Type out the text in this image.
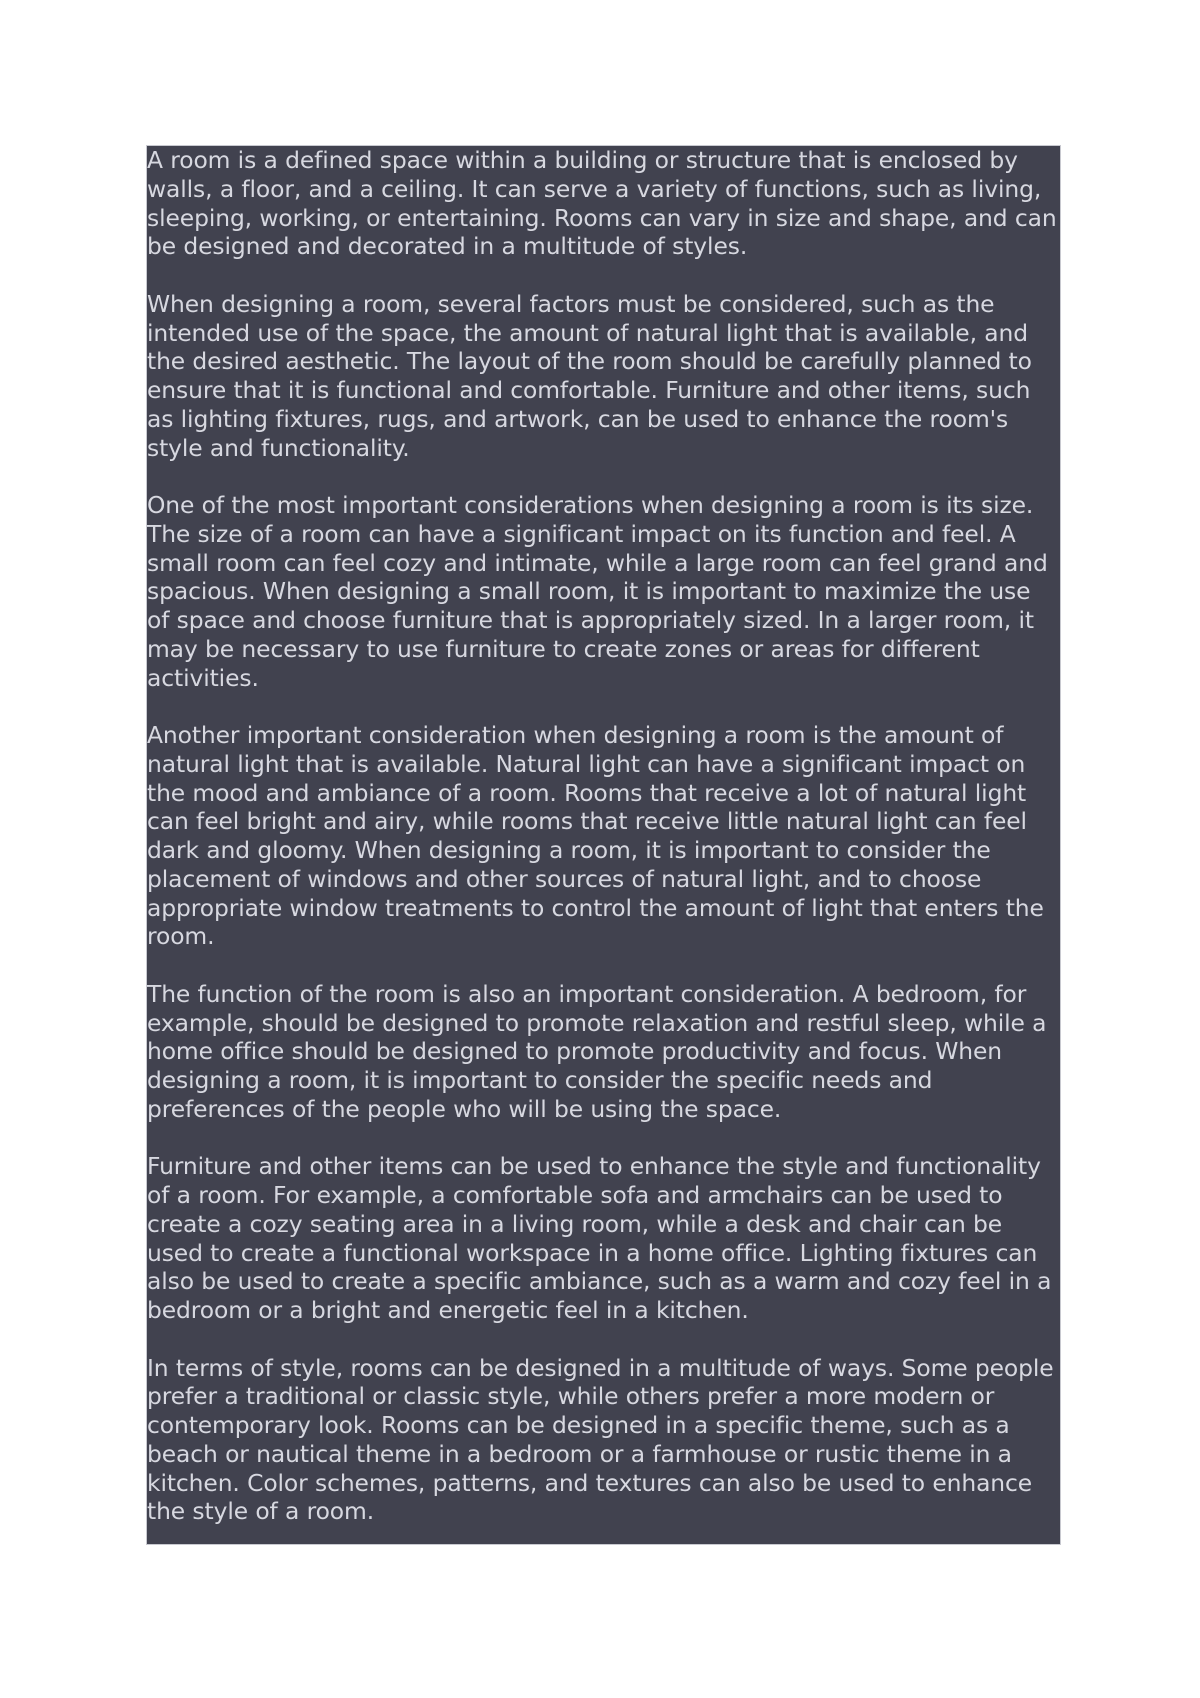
A room is a defined space within a building or structure that is enclosed by walls, a floor, and a ceiling. It can serve a variety of functions, such as living, sleeping, working, or entertaining. Rooms can vary in size and shape, and can be designed and decorated in a multitude of styles.

When designing a room, several factors must be considered, such as the intended use of the space, the amount of natural light that is available, and the desired aesthetic. The layout of the room should be carefully planned to ensure that it is functional and comfortable. Furniture and other items, such as lighting fixtures, rugs, and artwork, can be used to enhance the room's style and functionality.

One of the most important considerations when designing a room is its size. The size of a room can have a significant impact on its function and feel. A small room can feel cozy and intimate, while a large room can feel grand and spacious. When designing a small room, it is important to maximize the use of space and choose furniture that is appropriately sized. In a larger room, it may be necessary to use furniture to create zones or areas for different activities.

Another important consideration when designing a room is the amount of natural light that is available. Natural light can have a significant impact on the mood and ambiance of a room. Rooms that receive a lot of natural light can feel bright and airy, while rooms that receive little natural light can feel dark and gloomy. When designing a room, it is important to consider the placement of windows and other sources of natural light, and to choose appropriate window treatments to control the amount of light that enters the room.

The function of the room is also an important consideration. A bedroom, for example, should be designed to promote relaxation and restful sleep, while a home office should be designed to promote productivity and focus. When designing a room, it is important to consider the specific needs and preferences of the people who will be using the space.

Furniture and other items can be used to enhance the style and functionality of a room. For example, a comfortable sofa and armchairs can be used to create a cozy seating area in a living room, while a desk and chair can be used to create a functional workspace in a home office. Lighting fixtures can also be used to create a specific ambiance, such as a warm and cozy feel in a bedroom or a bright and energetic feel in a kitchen.

In terms of style, rooms can be designed in a multitude of ways. Some people prefer a traditional or classic style, while others prefer a more modern or contemporary look. Rooms can be designed in a specific theme, such as a beach or nautical theme in a bedroom or a farmhouse or rustic theme in a kitchen. Color schemes, patterns, and textures can also be used to enhance the style of a room.
